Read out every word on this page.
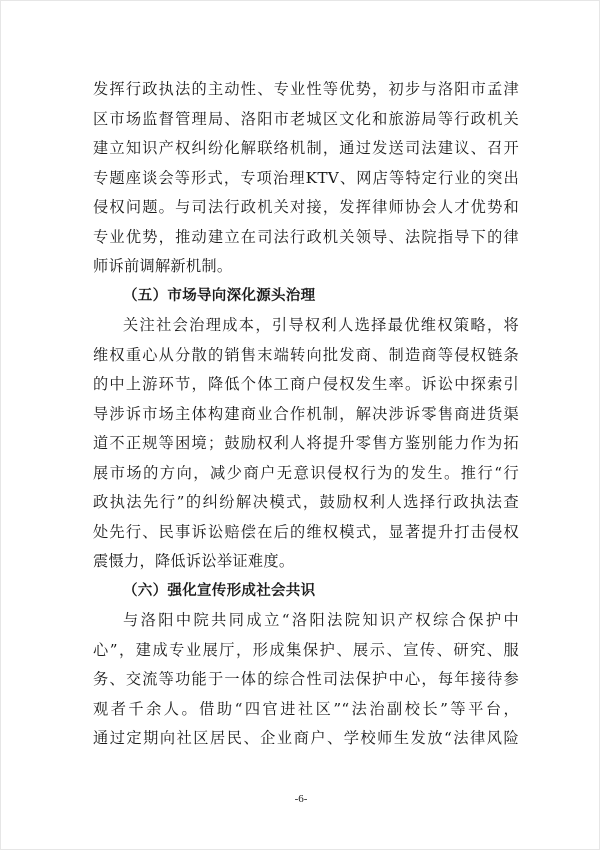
发挥行政执法的主动性、专业性等优势，初步与洛阳市孟津
区市场监督管理局、洛阳市老城区文化和旅游局等行政机关
建立知识产权纠纷化解联络机制，通过发送司法建议、召开
专题座谈会等形式，专项治理KTV、网店等特定行业的突出
侵权问题。与司法行政机关对接，发挥律师协会人才优势和
专业优势，推动建立在司法行政机关领导、法院指导下的律
师诉前调解新机制。
（五）市场导向深化源头治理
关注社会治理成本，引导权利人选择最优维权策略，将
维权重心从分散的销售末端转向批发商、制造商等侵权链条
的中上游环节，降低个体工商户侵权发生率。诉讼中探索引
导涉诉市场主体构建商业合作机制，解决涉诉零售商进货渠
道不正规等困境；鼓励权利人将提升零售方鉴别能力作为拓
展市场的方向，减少商户无意识侵权行为的发生。推行“行
政执法先行”的纠纷解决模式，鼓励权利人选择行政执法查
处先行、民事诉讼赔偿在后的维权模式，显著提升打击侵权
震慑力，降低诉讼举证难度。
（六）强化宣传形成社会共识
与洛阳中院共同成立“洛阳法院知识产权综合保护中
心”，建成专业展厅，形成集保护、展示、宣传、研究、服
务、交流等功能于一体的综合性司法保护中心，每年接待参
观者千余人。借助“四官进社区”“法治副校长”等平台，
通过定期向社区居民、企业商户、学校师生发放“法律风险
-6-
